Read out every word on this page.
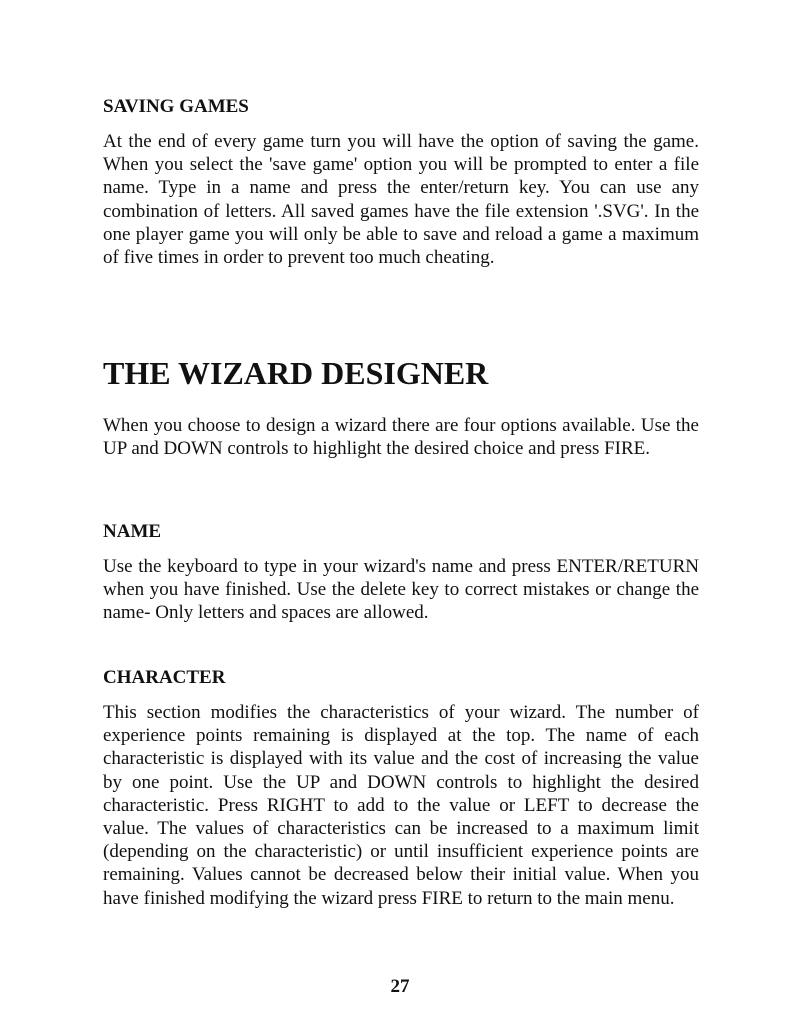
SAVING GAMES

At the end of every game turn you will have the option of saving the game. When you select the 'save game' option you will be prompted to enter a file name. Type in a name and press the enter/return key. You can use any combination of letters. All saved games have the file extension '.SVG'. In the one player game you will only be able to save and reload a game a maximum of five times in order to prevent too much cheating.

THE WIZARD DESIGNER

When you choose to design a wizard there are four options available. Use the UP and DOWN controls to highlight the desired choice and press FIRE.

NAME

Use the keyboard to type in your wizard's name and press ENTER/RETURN when you have finished. Use the delete key to correct mistakes or change the name- Only letters and spaces are allowed.

CHARACTER

This section modifies the characteristics of your wizard. The number of experience points remaining is displayed at the top. The name of each characteristic is displayed with its value and the cost of increasing the value by one point. Use the UP and DOWN controls to highlight the desired characteristic. Press RIGHT to add to the value or LEFT to decrease the value. The values of characteristics can be increased to a maximum limit (depending on the characteristic) or until insufficient experience points are remaining. Values cannot be decreased below their initial value. When you have finished modifying the wizard press FIRE to return to the main menu.

27
